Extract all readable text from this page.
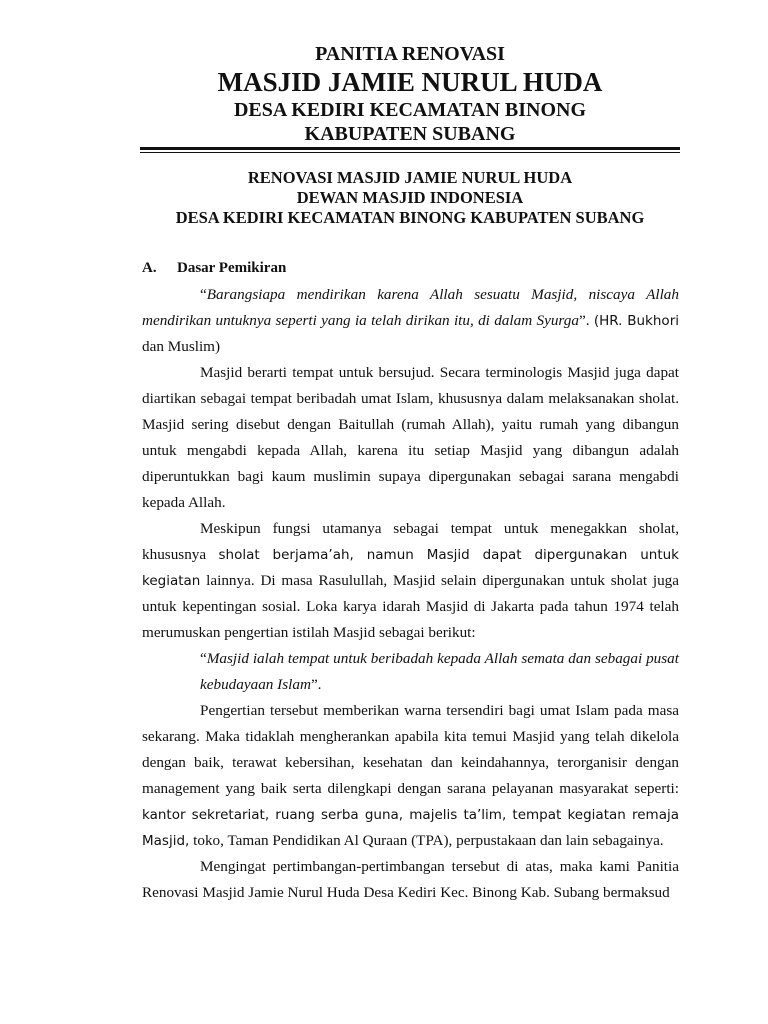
PANITIA RENOVASI
MASJID JAMIE NURUL HUDA
DESA KEDIRI KECAMATAN BINONG
KABUPATEN SUBANG
RENOVASI MASJID JAMIE NURUL HUDA
DEWAN MASJID INDONESIA
DESA KEDIRI KECAMATAN BINONG KABUPATEN SUBANG
A. Dasar Pemikiran

“Barangsiapa mendirikan karena Allah sesuatu Masjid, niscaya Allah mendirikan untuknya seperti yang ia telah dirikan itu, di dalam Syurga”. (HR. Bukhori dan Muslim)

Masjid berarti tempat untuk bersujud. Secara terminologis Masjid juga dapat diartikan sebagai tempat beribadah umat Islam, khususnya dalam melaksanakan sholat. Masjid sering disebut dengan Baitullah (rumah Allah), yaitu rumah yang dibangun untuk mengabdi kepada Allah, karena itu setiap Masjid yang dibangun adalah diperuntukkan bagi kaum muslimin supaya dipergunakan sebagai sarana mengabdi kepada Allah.

Meskipun fungsi utamanya sebagai tempat untuk menegakkan sholat, khususnya sholat berjama’ah, namun Masjid dapat dipergunakan untuk kegiatan lainnya. Di masa Rasulullah, Masjid selain dipergunakan untuk sholat juga untuk kepentingan sosial. Loka karya idarah Masjid di Jakarta pada tahun 1974 telah merumuskan pengertian istilah Masjid sebagai berikut:

“Masjid ialah tempat untuk beribadah kepada Allah semata dan sebagai pusat kebudayaan Islam”.

Pengertian tersebut memberikan warna tersendiri bagi umat Islam pada masa sekarang. Maka tidaklah mengherankan apabila kita temui Masjid yang telah dikelola dengan baik, terawat kebersihan, kesehatan dan keindahannya, terorganisir dengan management yang baik serta dilengkapi dengan sarana pelayanan masyarakat seperti: kantor sekretariat, ruang serba guna, majelis ta’lim, tempat kegiatan remaja Masjid, toko, Taman Pendidikan Al Quraan (TPA), perpustakaan dan lain sebagainya.

Mengingat pertimbangan-pertimbangan tersebut di atas, maka kami Panitia Renovasi Masjid Jamie Nurul Huda Desa Kediri Kec. Binong Kab. Subang bermaksud
